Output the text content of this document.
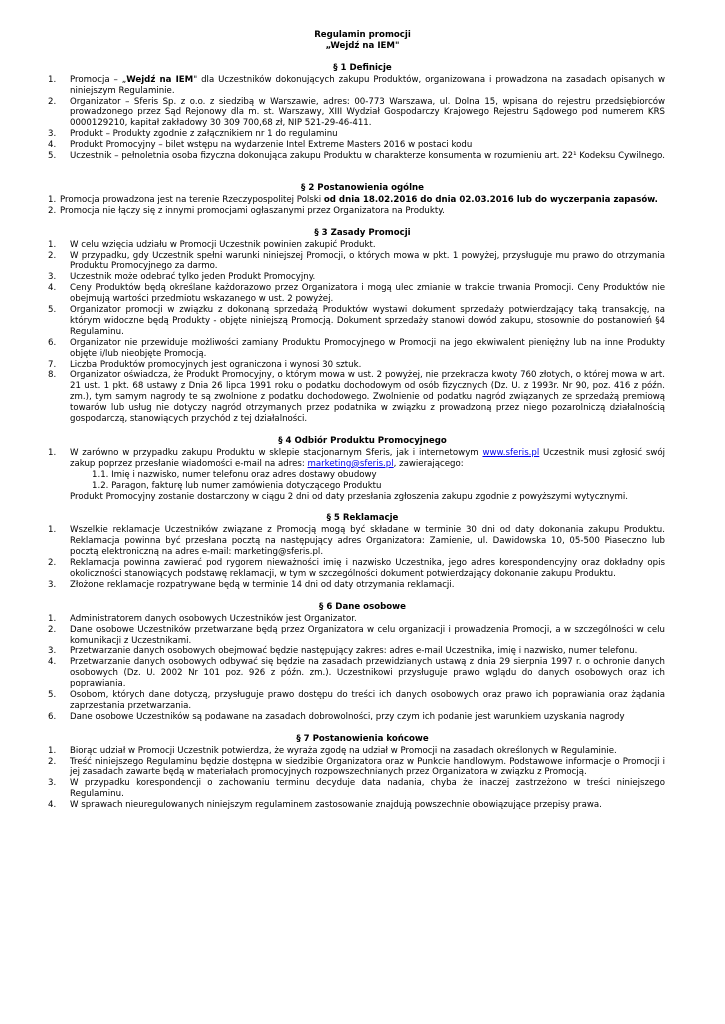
Regulamin promocji
„Wejdź na IEM"
§ 1 Definicje
1.	Promocja – „Wejdź na IEM" dla Uczestników dokonujących zakupu Produktów, organizowana i prowadzona na zasadach opisanych w niniejszym Regulaminie.
2.	Organizator – Sferis Sp. z o.o. z siedzibą w Warszawie, adres: 00-773 Warszawa, ul. Dolna 15, wpisana do rejestru przedsiębiorców prowadzonego przez Sąd Rejonowy dla m. st. Warszawy, XIII Wydział Gospodarczy Krajowego Rejestru Sądowego pod numerem KRS 0000129210, kapitał zakładowy 30 309 700,68 zł, NIP 521-29-46-411.
3.	Produkt – Produkty zgodnie z załącznikiem nr 1 do regulaminu
4.	Produkt Promocyjny – bilet wstępu na wydarzenie Intel Extreme Masters 2016 w postaci kodu
5.	Uczestnik – pełnoletnia osoba fizyczna dokonująca zakupu Produktu w charakterze konsumenta w rozumieniu art. 22¹ Kodeksu Cywilnego.
§ 2 Postanowienia ogólne
1. Promocja prowadzona jest na terenie Rzeczypospolitej Polski od dnia 18.02.2016 do dnia 02.03.2016 lub do wyczerpania zapasów.
2. Promocja nie łączy się z innymi promocjami ogłaszanymi przez Organizatora na Produkty.
§ 3 Zasady Promocji
1.	W celu wzięcia udziału w Promocji Uczestnik powinien zakupić Produkt.
2.	W przypadku, gdy Uczestnik spełni warunki niniejszej Promocji, o których mowa w pkt. 1 powyżej, przysługuje mu prawo do otrzymania Produktu Promocyjnego za darmo.
3.	Uczestnik może odebrać tylko jeden Produkt Promocyjny.
4.	Ceny Produktów będą określane każdorazowo przez Organizatora i mogą ulec zmianie w trakcie trwania Promocji. Ceny Produktów nie obejmują wartości przedmiotu wskazanego w ust. 2 powyżej.
5.	Organizator promocji w związku z dokonaną sprzedażą Produktów wystawi dokument sprzedaży potwierdzający taką transakcję, na którym widoczne będą Produkty - objęte niniejszą Promocją. Dokument sprzedaży stanowi dowód zakupu, stosownie do postanowień §4 Regulaminu.
6.	Organizator nie przewiduje możliwości zamiany Produktu Promocyjnego w Promocji na jego ekwiwalent pieniężny lub na inne Produkty objęte i/lub nieobjęte Promocją.
7.	Liczba Produktów promocyjnych jest ograniczona i wynosi 30 sztuk.
8.	Organizator oświadcza, że Produkt Promocyjny, o którym mowa w ust. 2 powyżej, nie przekracza kwoty 760 złotych, o której mowa w art. 21 ust. 1 pkt. 68 ustawy z Dnia 26 lipca 1991 roku o podatku dochodowym od osób fizycznych (Dz. U. z 1993r. Nr 90, poz. 416 z późn. zm.), tym samym nagrody te są zwolnione z podatku dochodowego. Zwolnienie od podatku nagród związanych ze sprzedażą premiową towarów lub usług nie dotyczy nagród otrzymanych przez podatnika w związku z prowadzoną przez niego pozarolniczą działalnością gospodarczą, stanowiących przychód z tej działalności.
§ 4 Odbiór Produktu Promocyjnego
1.	W zarówno w przypadku zakupu Produktu w sklepie stacjonarnym Sferis, jak i internetowym www.sferis.pl Uczestnik musi zgłosić swój zakup poprzez przesłanie wiadomości e-mail na adres: marketing@sferis.pl, zawierającego:
1.1. Imię i nazwisko, numer telefonu oraz adres dostawy obudowy
1.2. Paragon, fakturę lub numer zamówienia dotyczącego Produktu
Produkt Promocyjny zostanie dostarczony w ciągu 2 dni od daty przesłania zgłoszenia zakupu zgodnie z powyższymi wytycznymi.
§ 5 Reklamacje
1.	Wszelkie reklamacje Uczestników związane z Promocją mogą być składane w terminie 30 dni od daty dokonania zakupu Produktu. Reklamacja powinna być przesłana pocztą na następujący adres Organizatora: Zamienie, ul. Dawidowska 10, 05-500 Piaseczno lub pocztą elektroniczną na adres e-mail: marketing@sferis.pl.
2.	Reklamacja powinna zawierać pod rygorem nieważności imię i nazwisko Uczestnika, jego adres korespondencyjny oraz dokładny opis okoliczności stanowiących podstawę reklamacji, w tym w szczególności dokument potwierdzający dokonanie zakupu Produktu.
3.	Złożone reklamacje rozpatrywane będą w terminie 14 dni od daty otrzymania reklamacji.
§ 6 Dane osobowe
1.	Administratorem danych osobowych Uczestników jest Organizator.
2.	Dane osobowe Uczestników przetwarzane będą przez Organizatora w celu organizacji i prowadzenia Promocji, a w szczególności w celu komunikacji z Uczestnikami.
3.	Przetwarzanie danych osobowych obejmować będzie następujący zakres: adres e-mail Uczestnika, imię i nazwisko, numer telefonu.
4.	Przetwarzanie danych osobowych odbywać się będzie na zasadach przewidzianych ustawą z dnia 29 sierpnia 1997 r. o ochronie danych osobowych (Dz. U. 2002 Nr 101 poz. 926 z późn. zm.). Uczestnikowi przysługuje prawo wglądu do danych osobowych oraz ich poprawiania.
5.	Osobom, których dane dotyczą, przysługuje prawo dostępu do treści ich danych osobowych oraz prawo ich poprawiania oraz żądania zaprzestania przetwarzania.
6.	Dane osobowe Uczestników są podawane na zasadach dobrowolności, przy czym ich podanie jest warunkiem uzyskania nagrody
§ 7 Postanowienia końcowe
1.	Biorąc udział w Promocji Uczestnik potwierdza, że wyraża zgodę na udział w Promocji na zasadach określonych w Regulaminie.
2.	Treść niniejszego Regulaminu będzie dostępna w siedzibie Organizatora oraz w Punkcie handlowym. Podstawowe informacje o Promocji i jej zasadach zawarte będą w materiałach promocyjnych rozpowszechnianych przez Organizatora w związku z Promocją.
3.	W przypadku korespondencji o zachowaniu terminu decyduje data nadania, chyba że inaczej zastrzeżono w treści niniejszego Regulaminu.
4.	W sprawach nieuregulowanych niniejszym regulaminem zastosowanie znajdują powszechnie obowiązujące przepisy prawa.
